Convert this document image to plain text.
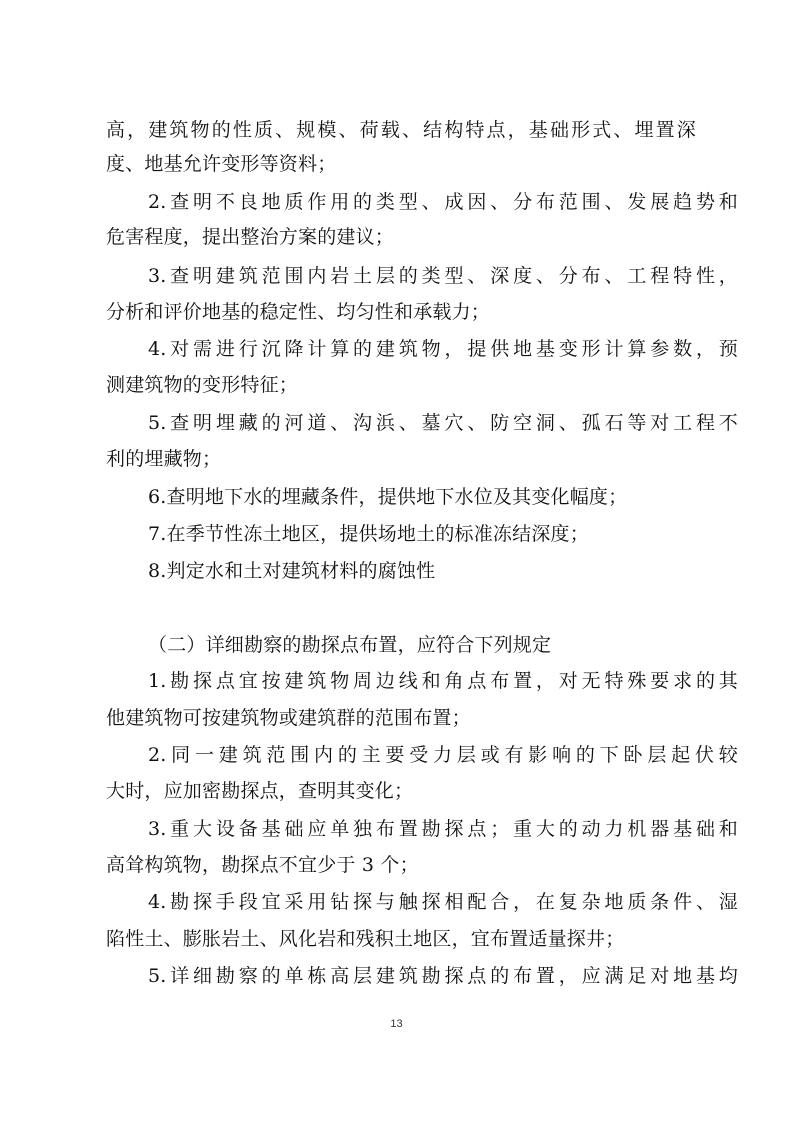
高，建筑物的性质、规模、荷载、结构特点，基础形式、埋置深
度、地基允许变形等资料；
2.查明不良地质作用的类型、成因、分布范围、发展趋势和
危害程度，提出整治方案的建议；
3.查明建筑范围内岩土层的类型、深度、分布、工程特性，
分析和评价地基的稳定性、均匀性和承载力；
4.对需进行沉降计算的建筑物，提供地基变形计算参数，预
测建筑物的变形特征；
5.查明埋藏的河道、沟浜、墓穴、防空洞、孤石等对工程不
利的埋藏物；
6.查明地下水的埋藏条件，提供地下水位及其变化幅度；
7.在季节性冻土地区，提供场地土的标准冻结深度；
8.判定水和土对建筑材料的腐蚀性
（二）详细勘察的勘探点布置，应符合下列规定
1.勘探点宜按建筑物周边线和角点布置，对无特殊要求的其
他建筑物可按建筑物或建筑群的范围布置；
2.同一建筑范围内的主要受力层或有影响的下卧层起伏较
大时，应加密勘探点，查明其变化；
3.重大设备基础应单独布置勘探点；重大的动力机器基础和
高耸构筑物，勘探点不宜少于 3 个；
4.勘探手段宜采用钻探与触探相配合，在复杂地质条件、湿
陷性土、膨胀岩土、风化岩和残积土地区，宜布置适量探井；
5.详细勘察的单栋高层建筑勘探点的布置，应满足对地基均
13
